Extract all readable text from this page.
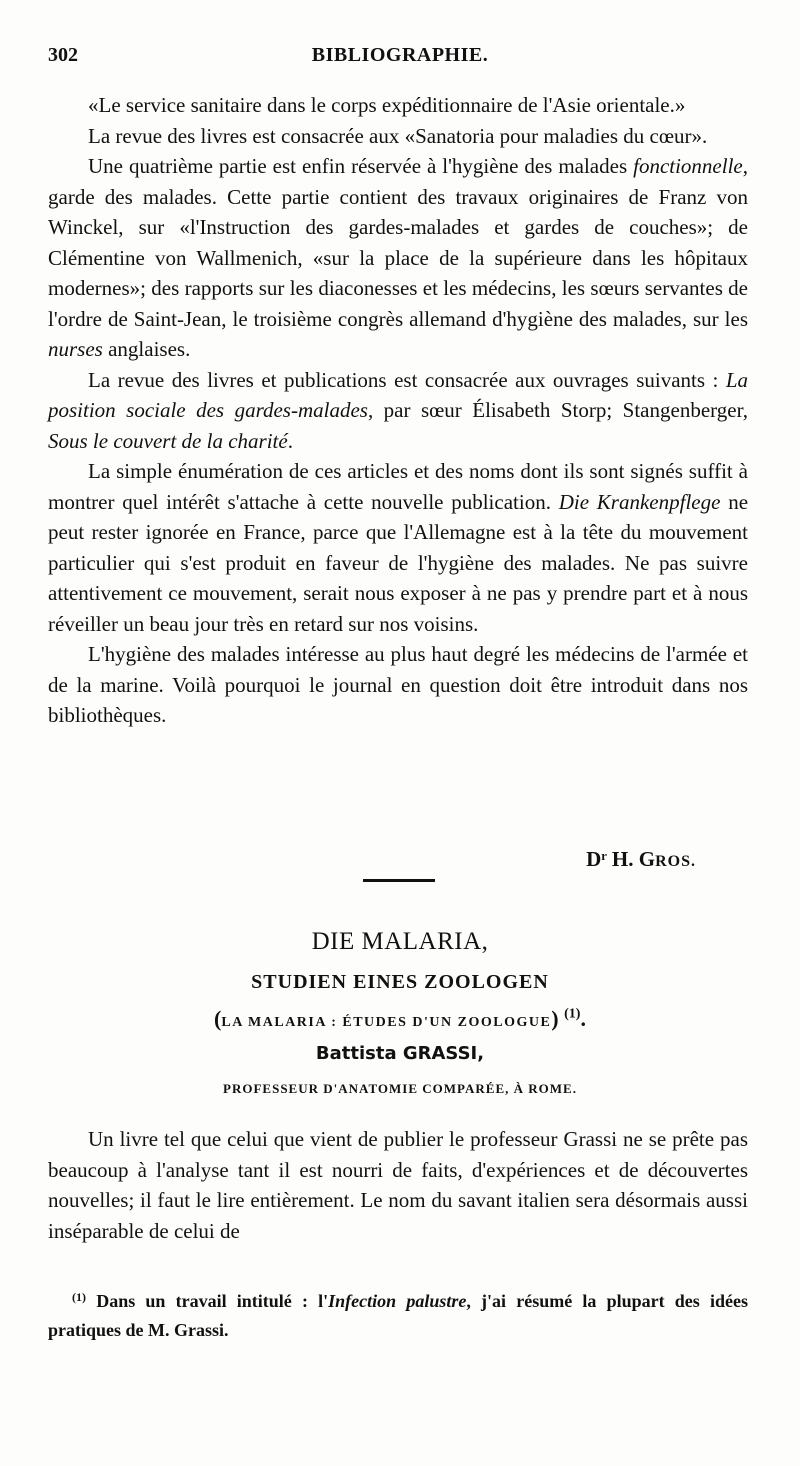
302	BIBLIOGRAPHIE.

«Le service sanitaire dans le corps expéditionnaire de l'Asie orientale.»

La revue des livres est consacrée aux «Sanatoria pour maladies du cœur».

Une quatrième partie est enfin réservée à l'hygiène des malades fonctionnelle, garde des malades. Cette partie contient des travaux originaires de Franz von Winckel, sur «l'Instruction des gardes-malades et gardes de couches»; de Clémentine von Wallmenich, «sur la place de la supérieure dans les hôpitaux modernes»; des rapports sur les diaconesses et les médecins, les sœurs servantes de l'ordre de Saint-Jean, le troisième congrès allemand d'hygiène des malades, sur les nurses anglaises.

La revue des livres et publications est consacrée aux ouvrages suivants : La position sociale des gardes-malades, par sœur Élisabeth Storp; Stangenberger, Sous le couvert de la charité.

La simple énumération de ces articles et des noms dont ils sont signés suffit à montrer quel intérêt s'attache à cette nouvelle publication. Die Krankenpflege ne peut rester ignorée en France, parce que l'Allemagne est à la tête du mouvement particulier qui s'est produit en faveur de l'hygiène des malades. Ne pas suivre attentivement ce mouvement, serait nous exposer à ne pas y prendre part et à nous réveiller un beau jour très en retard sur nos voisins.

L'hygiène des malades intéresse au plus haut degré les médecins de l'armée et de la marine. Voilà pourquoi le journal en question doit être introduit dans nos bibliothèques.

Dʳ H. GROS.
DIE MALARIA,
STUDIEN EINES ZOOLOGEN
(LA MALARIA : ÉTUDES D'UN ZOOLOGUE) $^{(1)}$.
Battista GRASSI,
PROFESSEUR D'ANATOMIE COMPARÉE, À ROME.

Un livre tel que celui que vient de publier le professeur Grassi ne se prête pas beaucoup à l'analyse tant il est nourri de faits, d'expériences et de découvertes nouvelles; il faut le lire entièrement. Le nom du savant italien sera désormais aussi inséparable de celui de

$^{(1)}$ Dans un travail intitulé : l'Infection palustre, j'ai résumé la plupart des idées pratiques de M. Grassi.
